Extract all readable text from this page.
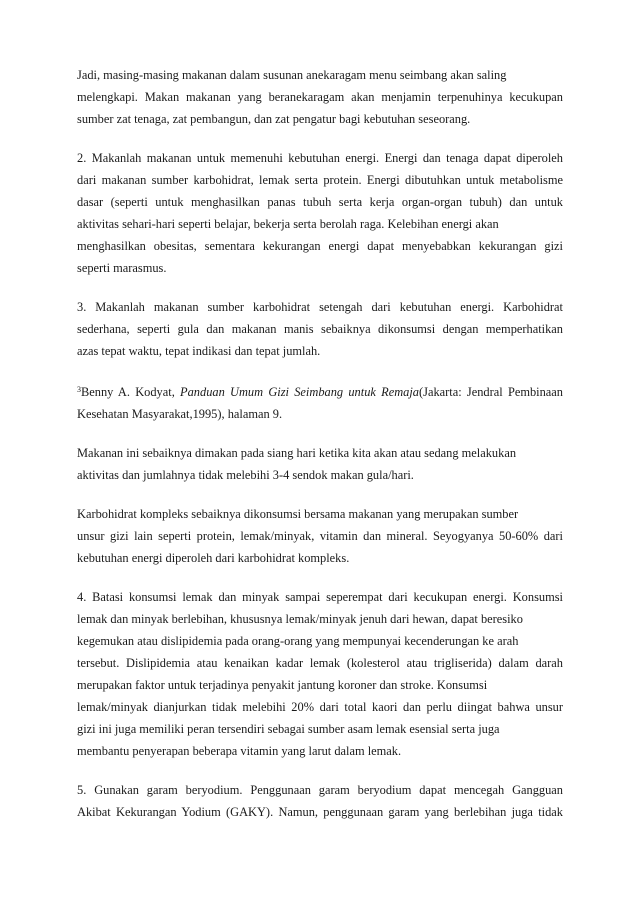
Jadi, masing-masing makanan dalam susunan anekaragam menu seimbang akan saling
melengkapi. Makan makanan yang beranekaragam akan menjamin terpenuhinya kecukupan
sumber zat tenaga, zat pembangun, dan zat pengatur bagi kebutuhan seseorang.
2. Makanlah makanan untuk memenuhi kebutuhan energi. Energi dan tenaga dapat diperoleh
dari makanan sumber karbohidrat, lemak serta protein. Energi dibutuhkan untuk metabolisme
dasar (seperti untuk menghasilkan panas tubuh serta kerja organ-organ tubuh) dan untuk
aktivitas sehari-hari seperti belajar, bekerja serta berolah raga. Kelebihan energi akan
menghasilkan obesitas, sementara kekurangan energi dapat menyebabkan kekurangan gizi
seperti marasmus.
3. Makanlah makanan sumber karbohidrat setengah dari kebutuhan energi. Karbohidrat
sederhana, seperti gula dan makanan manis sebaiknya dikonsumsi dengan memperhatikan
azas tepat waktu, tepat indikasi dan tepat jumlah.
$^3$Benny A. Kodyat, Panduan Umum Gizi Seimbang untuk Remaja(Jakarta: Jendral Pembinaan
Kesehatan Masyarakat,1995), halaman 9.
Makanan ini sebaiknya dimakan pada siang hari ketika kita akan atau sedang melakukan
aktivitas dan jumlahnya tidak melebihi 3-4 sendok makan gula/hari.
Karbohidrat kompleks sebaiknya dikonsumsi bersama makanan yang merupakan sumber
unsur gizi lain seperti protein, lemak/minyak, vitamin dan mineral. Seyogyanya 50-60% dari
kebutuhan energi diperoleh dari karbohidrat kompleks.
4. Batasi konsumsi lemak dan minyak sampai seperempat dari kecukupan energi. Konsumsi
lemak dan minyak berlebihan, khususnya lemak/minyak jenuh dari hewan, dapat beresiko
kegemukan atau dislipidemia pada orang-orang yang mempunyai kecenderungan ke arah
tersebut. Dislipidemia atau kenaikan kadar lemak (kolesterol atau trigliserida) dalam darah
merupakan faktor untuk terjadinya penyakit jantung koroner dan stroke. Konsumsi
lemak/minyak dianjurkan tidak melebihi 20% dari total kaori dan perlu diingat bahwa unsur
gizi ini juga memiliki peran tersendiri sebagai sumber asam lemak esensial serta juga
membantu penyerapan beberapa vitamin yang larut dalam lemak.
5. Gunakan garam beryodium. Penggunaan garam beryodium dapat mencegah Gangguan
Akibat Kekurangan Yodium (GAKY). Namun, penggunaan garam yang berlebihan juga tidak
